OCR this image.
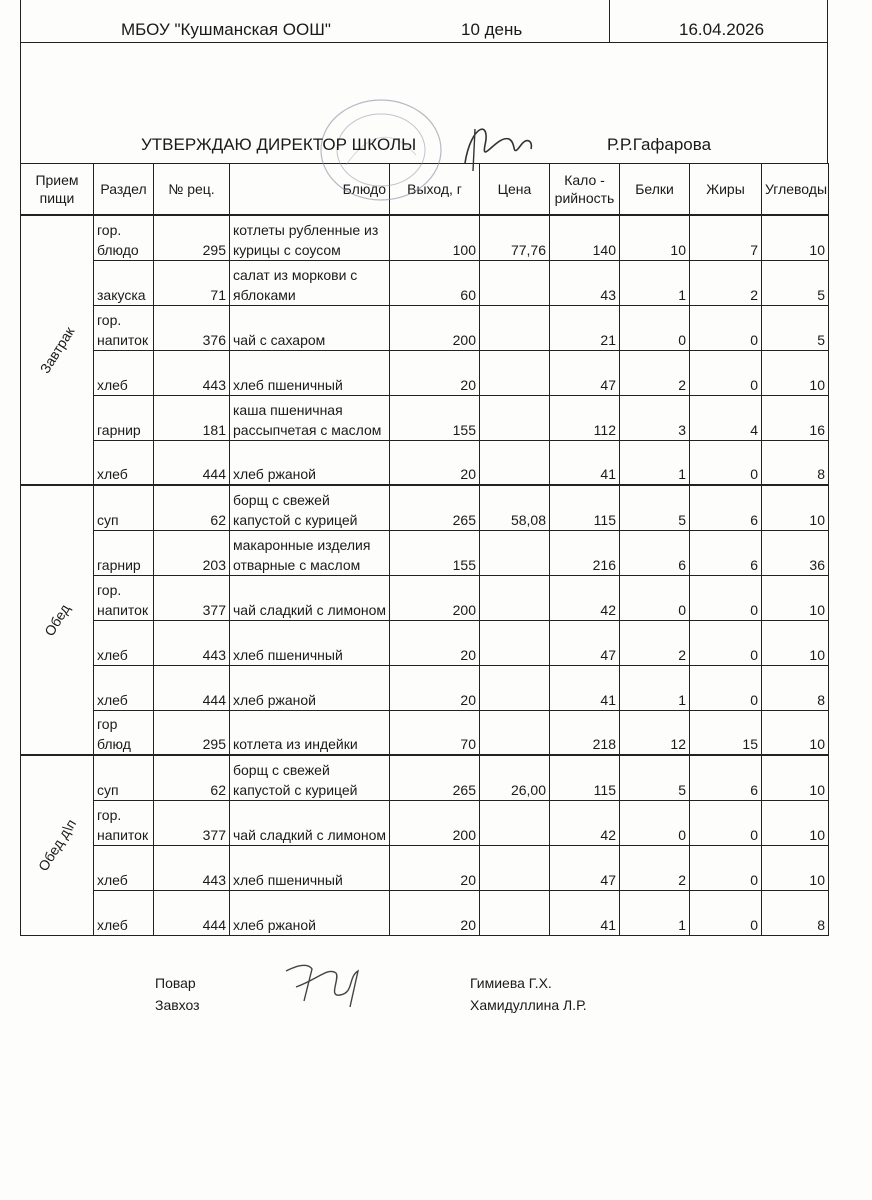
МБОУ "Кушманская ООШ"	10 день	16.04.2026
УТВЕРЖДАЮ ДИРЕКТОР ШКОЛЫ	Р.Р.Гафарова
Прием пищи	Раздел	№ рец.	Блюдо	Выход, г	Цена	Кало - рийность	Белки	Жиры	Углеводы

Завтрак	гор. блюдо	295	котлеты рубленные из курицы с соусом	100	77,76	140	10	7	10
	закуска	71	салат из моркови с яблоками	60		43	1	2	5
	гор. напиток	376	чай с сахаром	200		21	0	0	5
	хлеб	443	хлеб пшеничный	20		47	2	0	10
	гарнир	181	каша пшеничная рассыпчетая с маслом	155		112	3	4	16
	хлеб	444	хлеб ржаной	20		41	1	0	8

Обед	суп	62	борщ с свежей капустой с курицей	265	58,08	115	5	6	10
	гарнир	203	макаронные изделия отварные с маслом	155		216	6	6	36
	гор. напиток	377	чай сладкий с лимоном	200		42	0	0	10
	хлеб	443	хлеб пшеничный	20		47	2	0	10
	хлеб	444	хлеб ржаной	20		41	1	0	8
	гор блюд	295	котлета из индейки	70		218	12	15	10

Обед д\п	суп	62	борщ с свежей капустой с курицей	265	26,00	115	5	6	10
	гор. напиток	377	чай сладкий с лимоном	200		42	0	0	10
	хлеб	443	хлеб пшеничный	20		47	2	0	10
	хлеб	444	хлеб ржаной	20		41	1	0	8
Повар
Завхоз
Гимиева Г.Х.
Хамидуллина Л.Р.
